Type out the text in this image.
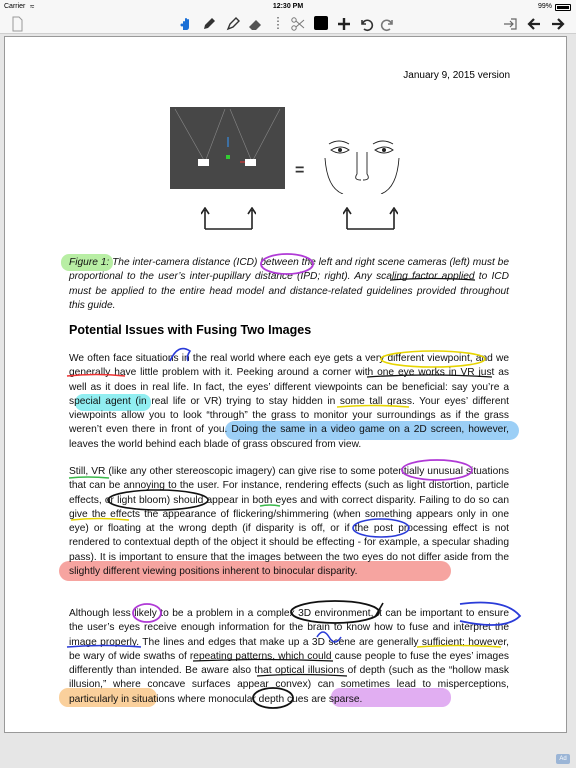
Carrier ≈	12:30 PM	99%
January 9, 2015 version
=
Figure 1: The inter-camera distance (ICD) between the left and right scene cameras (left) must be proportional to the user’s inter-pupillary distance (IPD; right). Any scaling factor applied to ICD must be applied to the entire head model and distance-related guidelines provided throughout this guide.
Potential Issues with Fusing Two Images
We often face situations in the real world where each eye gets a very different viewpoint, and we generally have little problem with it. Peeking around a corner with one eye works in VR just as well as it does in real life. In fact, the eyes’ different viewpoints can be beneficial: say you’re a special agent (in real life or VR) trying to stay hidden in some tall grass. Your eyes’ different viewpoints allow you to look “through” the grass to monitor your surroundings as if the grass weren’t even there in front of you. Doing the same in a video game on a 2D screen, however, leaves the world behind each blade of grass obscured from view.
Still, VR (like any other stereoscopic imagery) can give rise to some potentially unusual situations that can be annoying to the user. For instance, rendering effects (such as light distortion, particle effects, or light bloom) should appear in both eyes and with correct disparity. Failing to do so can give the effects the appearance of flickering/shimmering (when something appears only in one eye) or floating at the wrong depth (if disparity is off, or if the post processing effect is not rendered to contextual depth of the object it should be effecting - for example, a specular shading pass). It is important to ensure that the images between the two eyes do not differ aside from the slightly different viewing positions inherent to binocular disparity.
Although less likely to be a problem in a complex 3D environment, it can be important to ensure the user’s eyes receive enough information for the brain to know how to fuse and interpret the image properly. The lines and edges that make up a 3D scene are generally sufficient; however, be wary of wide swaths of repeating patterns, which could cause people to fuse the eyes’ images differently than intended. Be aware also that optical illusions of depth (such as the “hollow mask illusion,” where concave surfaces appear convex) can sometimes lead to misperceptions, particularly in situations where monocular depth cues are sparse.
Ad
